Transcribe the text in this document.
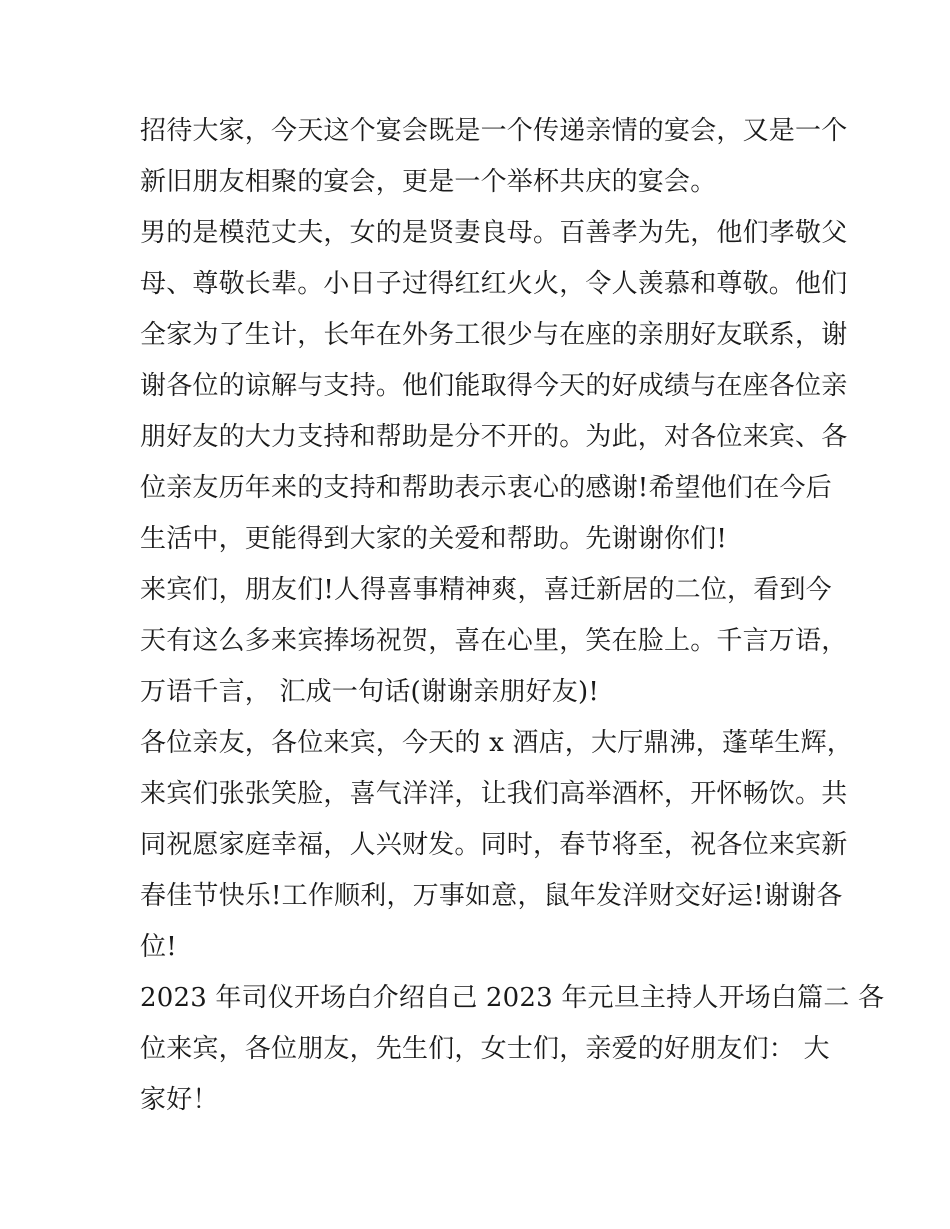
招待大家，今天这个宴会既是一个传递亲情的宴会，又是一个
新旧朋友相聚的宴会，更是一个举杯共庆的宴会。
男的是模范丈夫，女的是贤妻良母。百善孝为先，他们孝敬父
母、尊敬长辈。小日子过得红红火火，令人羡慕和尊敬。他们
全家为了生计，长年在外务工很少与在座的亲朋好友联系，谢
谢各位的谅解与支持。他们能取得今天的好成绩与在座各位亲
朋好友的大力支持和帮助是分不开的。为此，对各位来宾、各
位亲友历年来的支持和帮助表示衷心的感谢!希望他们在今后
生活中，更能得到大家的关爱和帮助。先谢谢你们!
来宾们，朋友们!人得喜事精神爽，喜迁新居的二位，看到今
天有这么多来宾捧场祝贺，喜在心里，笑在脸上。千言万语，
万语千言， 汇成一句话(谢谢亲朋好友)!
各位亲友，各位来宾，今天的 x 酒店，大厅鼎沸，蓬荜生辉，
来宾们张张笑脸，喜气洋洋，让我们高举酒杯，开怀畅饮。共
同祝愿家庭幸福，人兴财发。同时，春节将至，祝各位来宾新
春佳节快乐!工作顺利，万事如意，鼠年发洋财交好运!谢谢各
位!
2023 年司仪开场白介绍自己 2023 年元旦主持人开场白篇二 各
位来宾，各位朋友，先生们，女士们，亲爱的好朋友们： 大
家好！
